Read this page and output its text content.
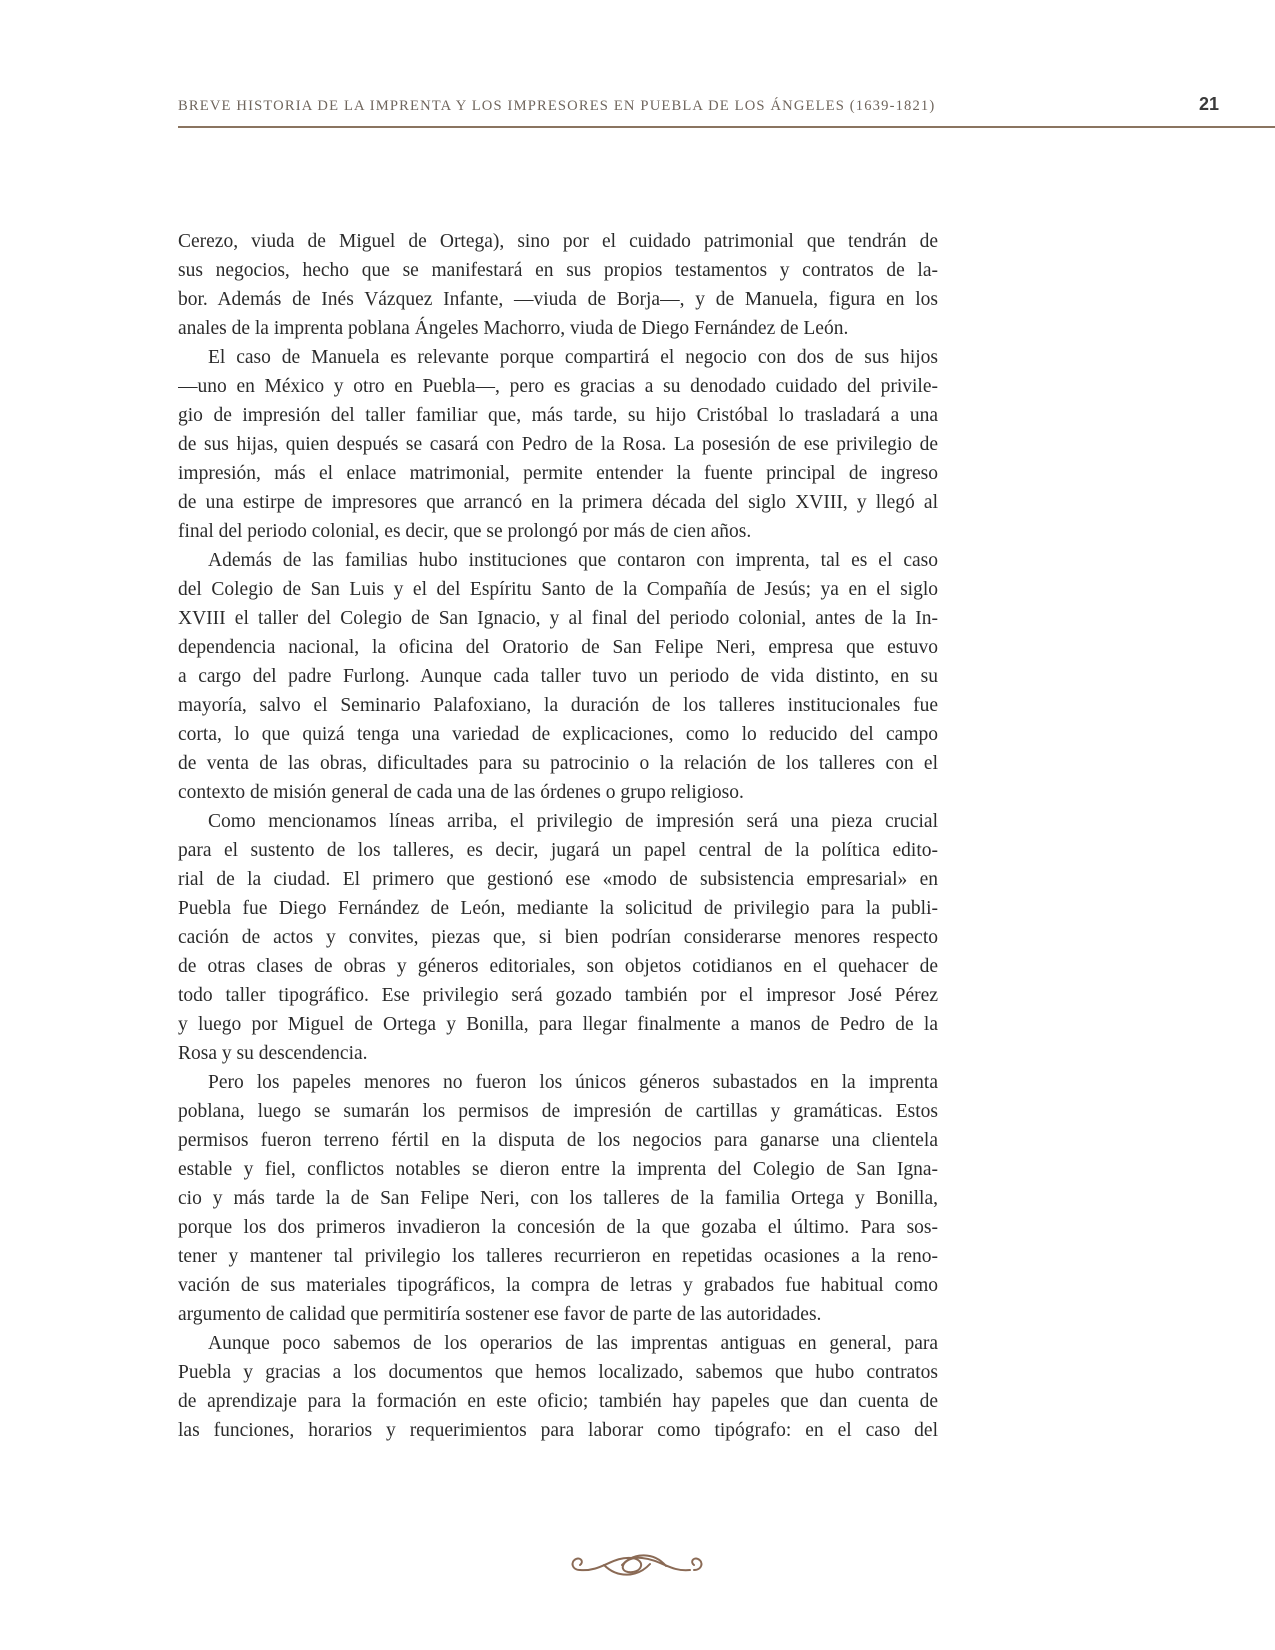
BREVE HISTORIA DE LA IMPRENTA Y LOS IMPRESORES EN PUEBLA DE LOS ÁNGELES (1639-1821)	21
Cerezo, viuda de Miguel de Ortega), sino por el cuidado patrimonial que tendrán de
sus negocios, hecho que se manifestará en sus propios testamentos y contratos de la-
bor. Además de Inés Vázquez Infante, —viuda de Borja—, y de Manuela, figura en los
anales de la imprenta poblana Ángeles Machorro, viuda de Diego Fernández de León.
El caso de Manuela es relevante porque compartirá el negocio con dos de sus hijos
—uno en México y otro en Puebla—, pero es gracias a su denodado cuidado del privile-
gio de impresión del taller familiar que, más tarde, su hijo Cristóbal lo trasladará a una
de sus hijas, quien después se casará con Pedro de la Rosa. La posesión de ese privilegio de
impresión, más el enlace matrimonial, permite entender la fuente principal de ingreso
de una estirpe de impresores que arrancó en la primera década del siglo XVIII, y llegó al
final del periodo colonial, es decir, que se prolongó por más de cien años.
Además de las familias hubo instituciones que contaron con imprenta, tal es el caso
del Colegio de San Luis y el del Espíritu Santo de la Compañía de Jesús; ya en el siglo
XVIII el taller del Colegio de San Ignacio, y al final del periodo colonial, antes de la In-
dependencia nacional, la oficina del Oratorio de San Felipe Neri, empresa que estuvo
a cargo del padre Furlong. Aunque cada taller tuvo un periodo de vida distinto, en su
mayoría, salvo el Seminario Palafoxiano, la duración de los talleres institucionales fue
corta, lo que quizá tenga una variedad de explicaciones, como lo reducido del campo
de venta de las obras, dificultades para su patrocinio o la relación de los talleres con el
contexto de misión general de cada una de las órdenes o grupo religioso.
Como mencionamos líneas arriba, el privilegio de impresión será una pieza crucial
para el sustento de los talleres, es decir, jugará un papel central de la política edito-
rial de la ciudad. El primero que gestionó ese «modo de subsistencia empresarial» en
Puebla fue Diego Fernández de León, mediante la solicitud de privilegio para la publi-
cación de actos y convites, piezas que, si bien podrían considerarse menores respecto
de otras clases de obras y géneros editoriales, son objetos cotidianos en el quehacer de
todo taller tipográfico. Ese privilegio será gozado también por el impresor José Pérez
y luego por Miguel de Ortega y Bonilla, para llegar finalmente a manos de Pedro de la
Rosa y su descendencia.
Pero los papeles menores no fueron los únicos géneros subastados en la imprenta
poblana, luego se sumarán los permisos de impresión de cartillas y gramáticas. Estos
permisos fueron terreno fértil en la disputa de los negocios para ganarse una clientela
estable y fiel, conflictos notables se dieron entre la imprenta del Colegio de San Igna-
cio y más tarde la de San Felipe Neri, con los talleres de la familia Ortega y Bonilla,
porque los dos primeros invadieron la concesión de la que gozaba el último. Para sos-
tener y mantener tal privilegio los talleres recurrieron en repetidas ocasiones a la reno-
vación de sus materiales tipográficos, la compra de letras y grabados fue habitual como
argumento de calidad que permitiría sostener ese favor de parte de las autoridades.
Aunque poco sabemos de los operarios de las imprentas antiguas en general, para
Puebla y gracias a los documentos que hemos localizado, sabemos que hubo contratos
de aprendizaje para la formación en este oficio; también hay papeles que dan cuenta de
las funciones, horarios y requerimientos para laborar como tipógrafo: en el caso del
